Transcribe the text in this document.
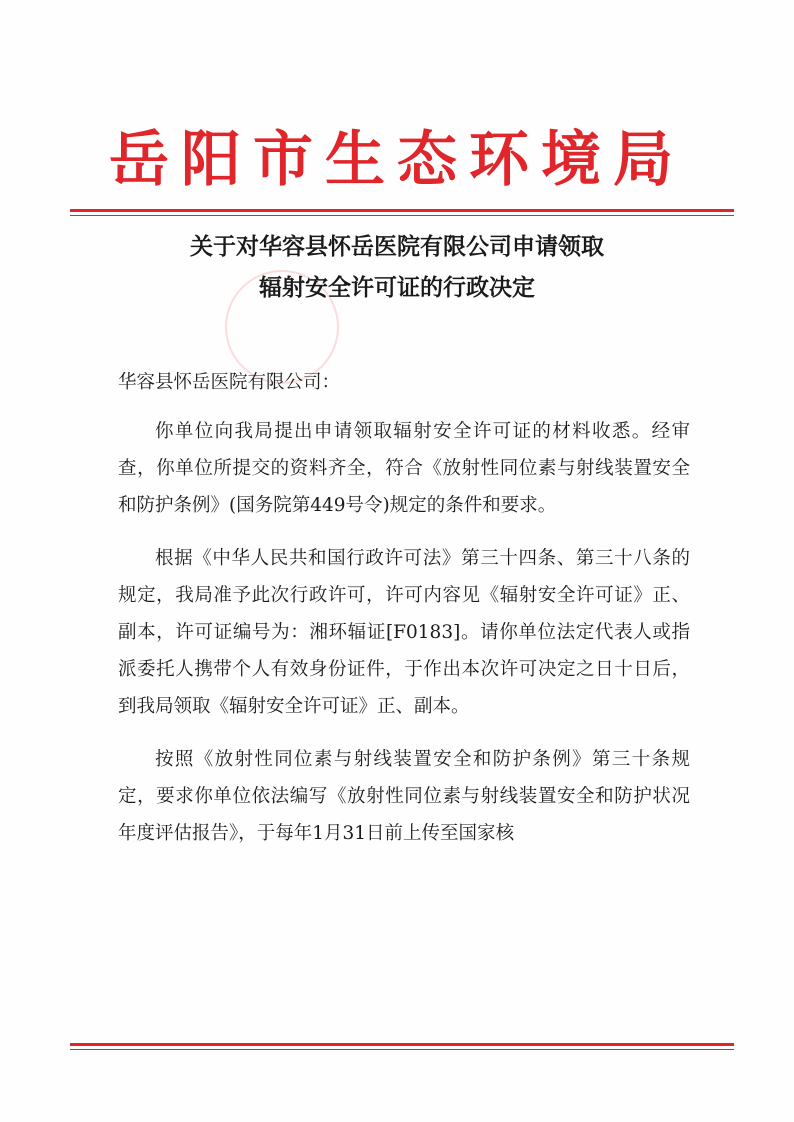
岳阳市生态环境局
关于对华容县怀岳医院有限公司申请领取
辐射安全许可证的行政决定

华容县怀岳医院有限公司：

你单位向我局提出申请领取辐射安全许可证的材料收悉。经审查，你单位所提交的资料齐全，符合《放射性同位素与射线装置安全和防护条例》(国务院第449号令)规定的条件和要求。

根据《中华人民共和国行政许可法》第三十四条、第三十八条的规定，我局准予此次行政许可，许可内容见《辐射安全许可证》正、副本，许可证编号为：湘环辐证[F0183]。请你单位法定代表人或指派委托人携带个人有效身份证件，于作出本次许可决定之日十日后，到我局领取《辐射安全许可证》正、副本。

按照《放射性同位素与射线装置安全和防护条例》第三十条规定，要求你单位依法编写《放射性同位素与射线装置安全和防护状况年度评估报告》，于每年1月31日前上传至国家核
